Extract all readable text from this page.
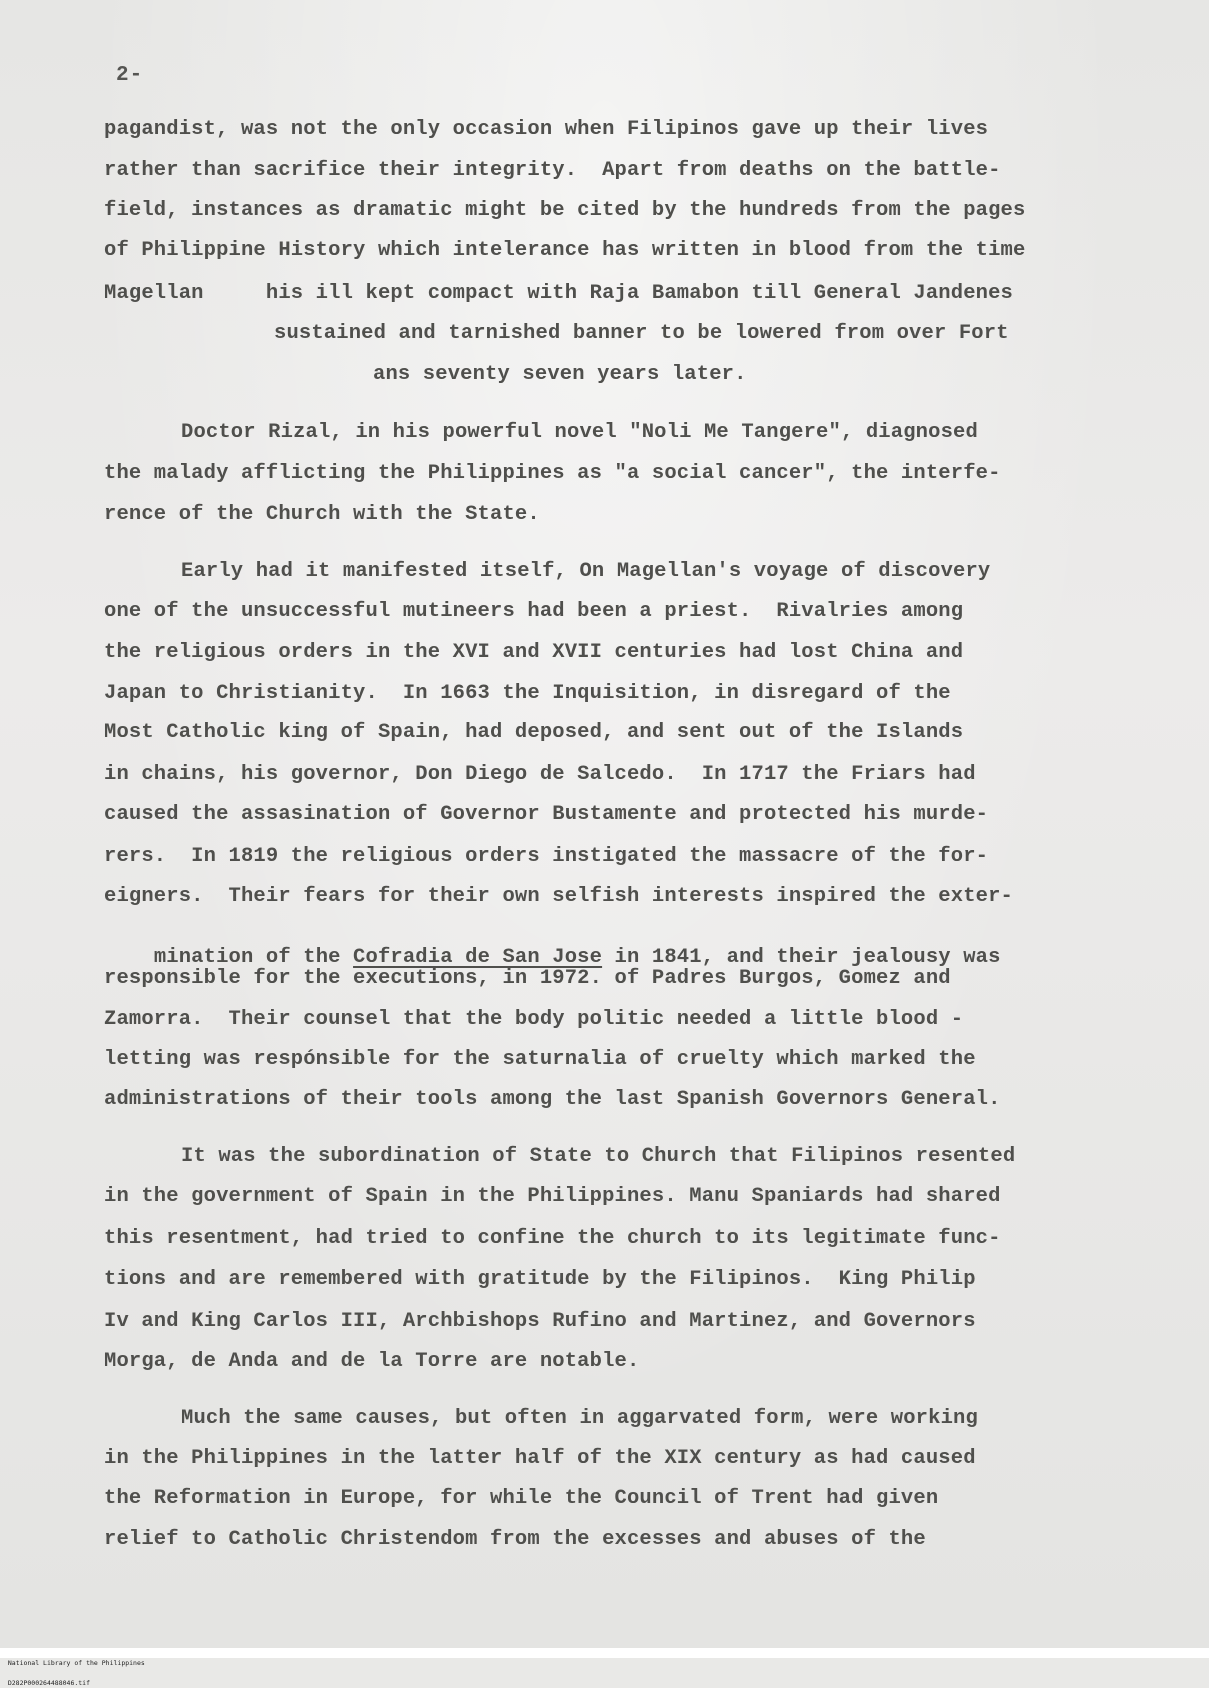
2-
pagandist, was not the only occasion when Filipinos gave up their lives
rather than sacrifice their integrity.  Apart from deaths on the battle-
field, instances as dramatic might be cited by the hundreds from the pages
of Philippine History which intelerance has written in blood from the time
Magellan     his ill kept compact with Raja Bamabon till General Jandenes
sustained and tarnished banner to be lowered from over Fort
ans seventy seven years later.
Doctor Rizal, in his powerful novel "Noli Me Tangere", diagnosed
the malady afflicting the Philippines as "a social cancer", the interfe-
rence of the Church with the State.
Early had it manifested itself, On Magellan's voyage of discovery
one of the unsuccessful mutineers had been a priest.  Rivalries among
the religious orders in the XVI and XVII centuries had lost China and
Japan to Christianity.  In 1663 the Inquisition, in disregard of the
Most Catholic king of Spain, had deposed, and sent out of the Islands
in chains, his governor, Don Diego de Salcedo.  In 1717 the Friars had
caused the assasination of Governor Bustamente and protected his murde-
rers.  In 1819 the religious orders instigated the massacre of the for-
eigners.  Their fears for their own selfish interests inspired the exter-

mination of the Cofradia de San Jose in 1841, and their jealousy was

responsible for the executions, in 1972. of Padres Burgos, Gomez and
Zamorra.  Their counsel that the body politic needed a little blood -
letting was respónsible for the saturnalia of cruelty which marked the
administrations of their tools among the last Spanish Governors General.
It was the subordination of State to Church that Filipinos resented
in the government of Spain in the Philippines. Manu Spaniards had shared
this resentment, had tried to confine the church to its legitimate func-
tions and are remembered with gratitude by the Filipinos.  King Philip
Iv and King Carlos III, Archbishops Rufino and Martinez, and Governors
Morga, de Anda and de la Torre are notable.
Much the same causes, but often in aggarvated form, were working
in the Philippines in the latter half of the XIX century as had caused
the Reformation in Europe, for while the Council of Trent had given
relief to Catholic Christendom from the excesses and abuses of the

National Library of the Philippines

D282P000264488046.tif
